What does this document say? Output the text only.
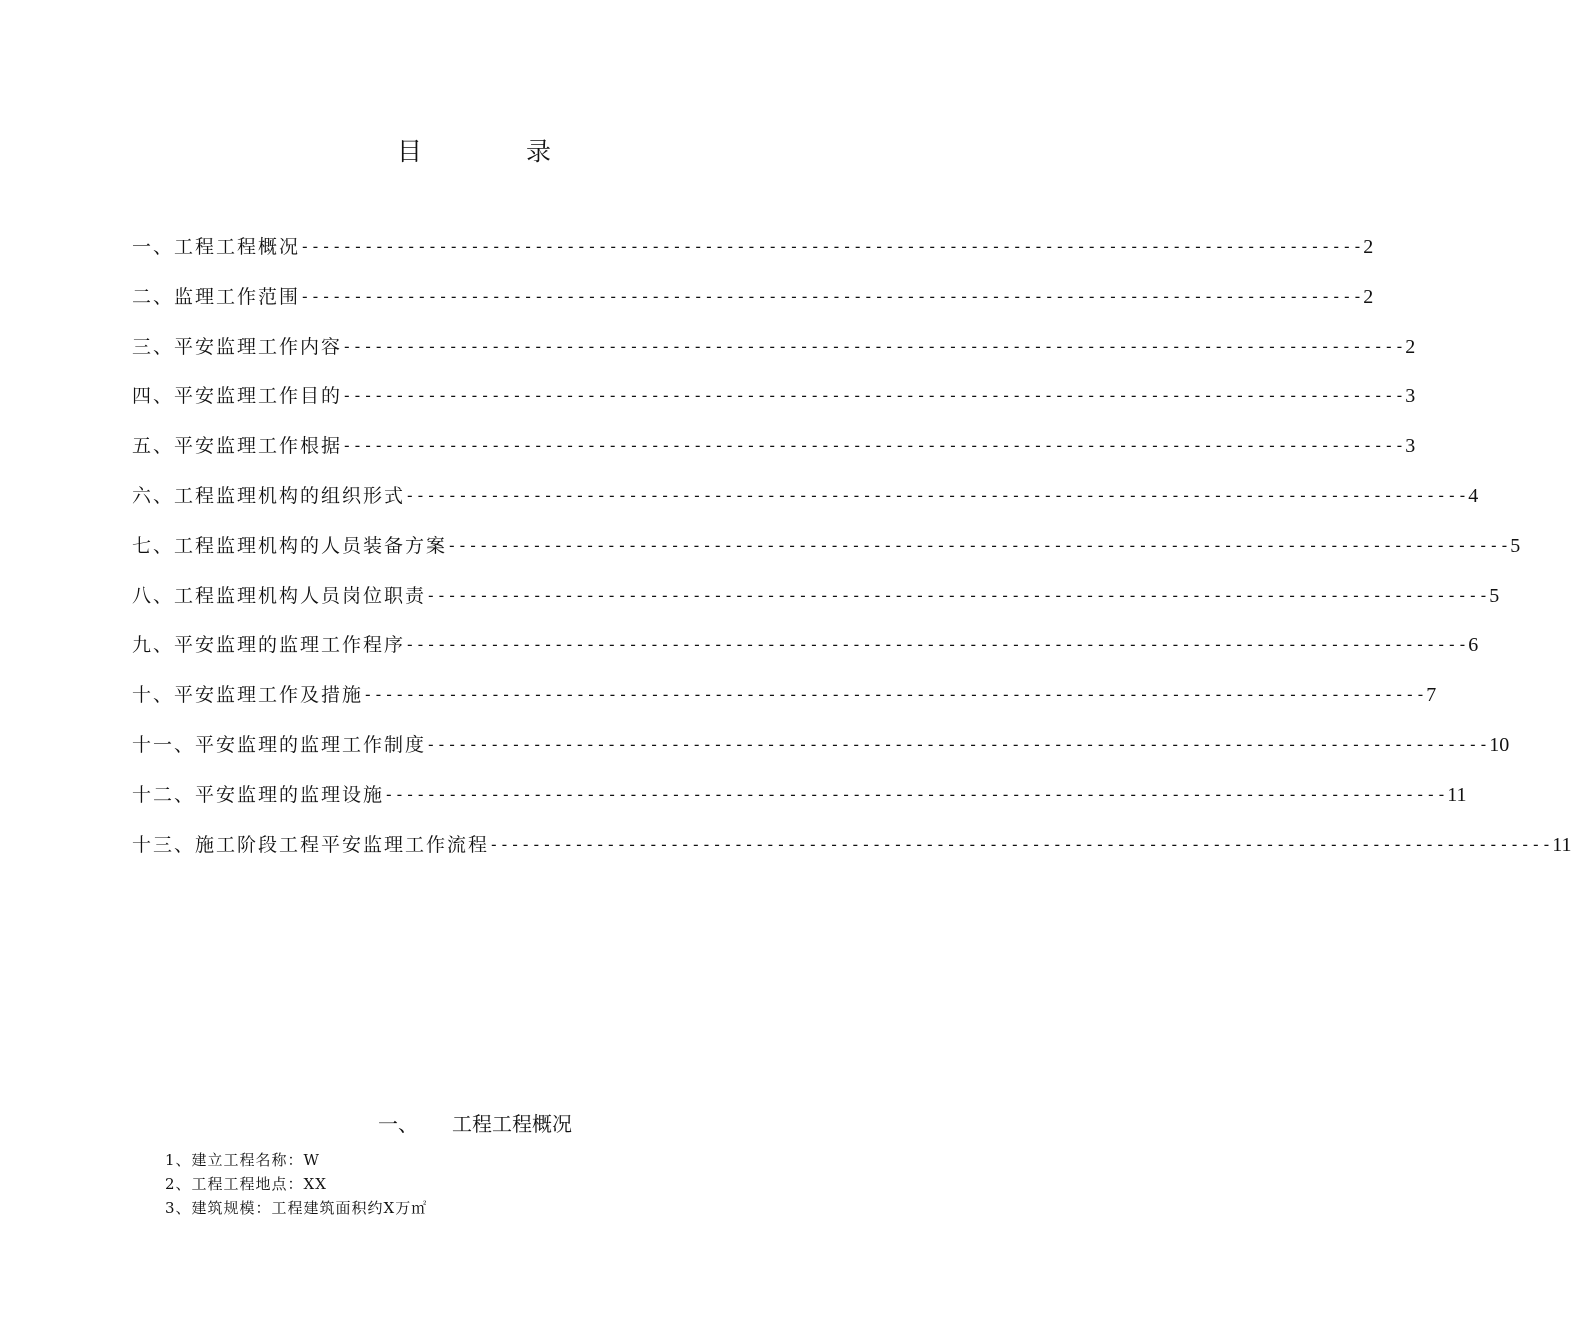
目 录
一、工程工程概况 ---------------------------------------------------------------------------------------------------- 2
二、监理工作范围 ---------------------------------------------------------------------------------------------------- 2
三、平安监理工作内容 ---------------------------------------------------------------------------------------------------- 2
四、平安监理工作目的 ---------------------------------------------------------------------------------------------------- 3
五、平安监理工作根据 ---------------------------------------------------------------------------------------------------- 3
六、工程监理机构的组织形式 ---------------------------------------------------------------------------------------------------- 4
七、工程监理机构的人员装备方案 ---------------------------------------------------------------------------------------------------- 5
八、工程监理机构人员岗位职责 ---------------------------------------------------------------------------------------------------- 5
九、平安监理的监理工作程序 ---------------------------------------------------------------------------------------------------- 6
十、平安监理工作及措施 ---------------------------------------------------------------------------------------------------- 7
十一、平安监理的监理工作制度 ---------------------------------------------------------------------------------------------------- 10
十二、平安监理的监理设施 ---------------------------------------------------------------------------------------------------- 11
十三、施工阶段工程平安监理工作流程 ---------------------------------------------------------------------------------------------------- 11
一、 工程工程概况
1、建立工程名称：W
2、工程工程地点：XX
3、建筑规模：工程建筑面积约X万㎡
